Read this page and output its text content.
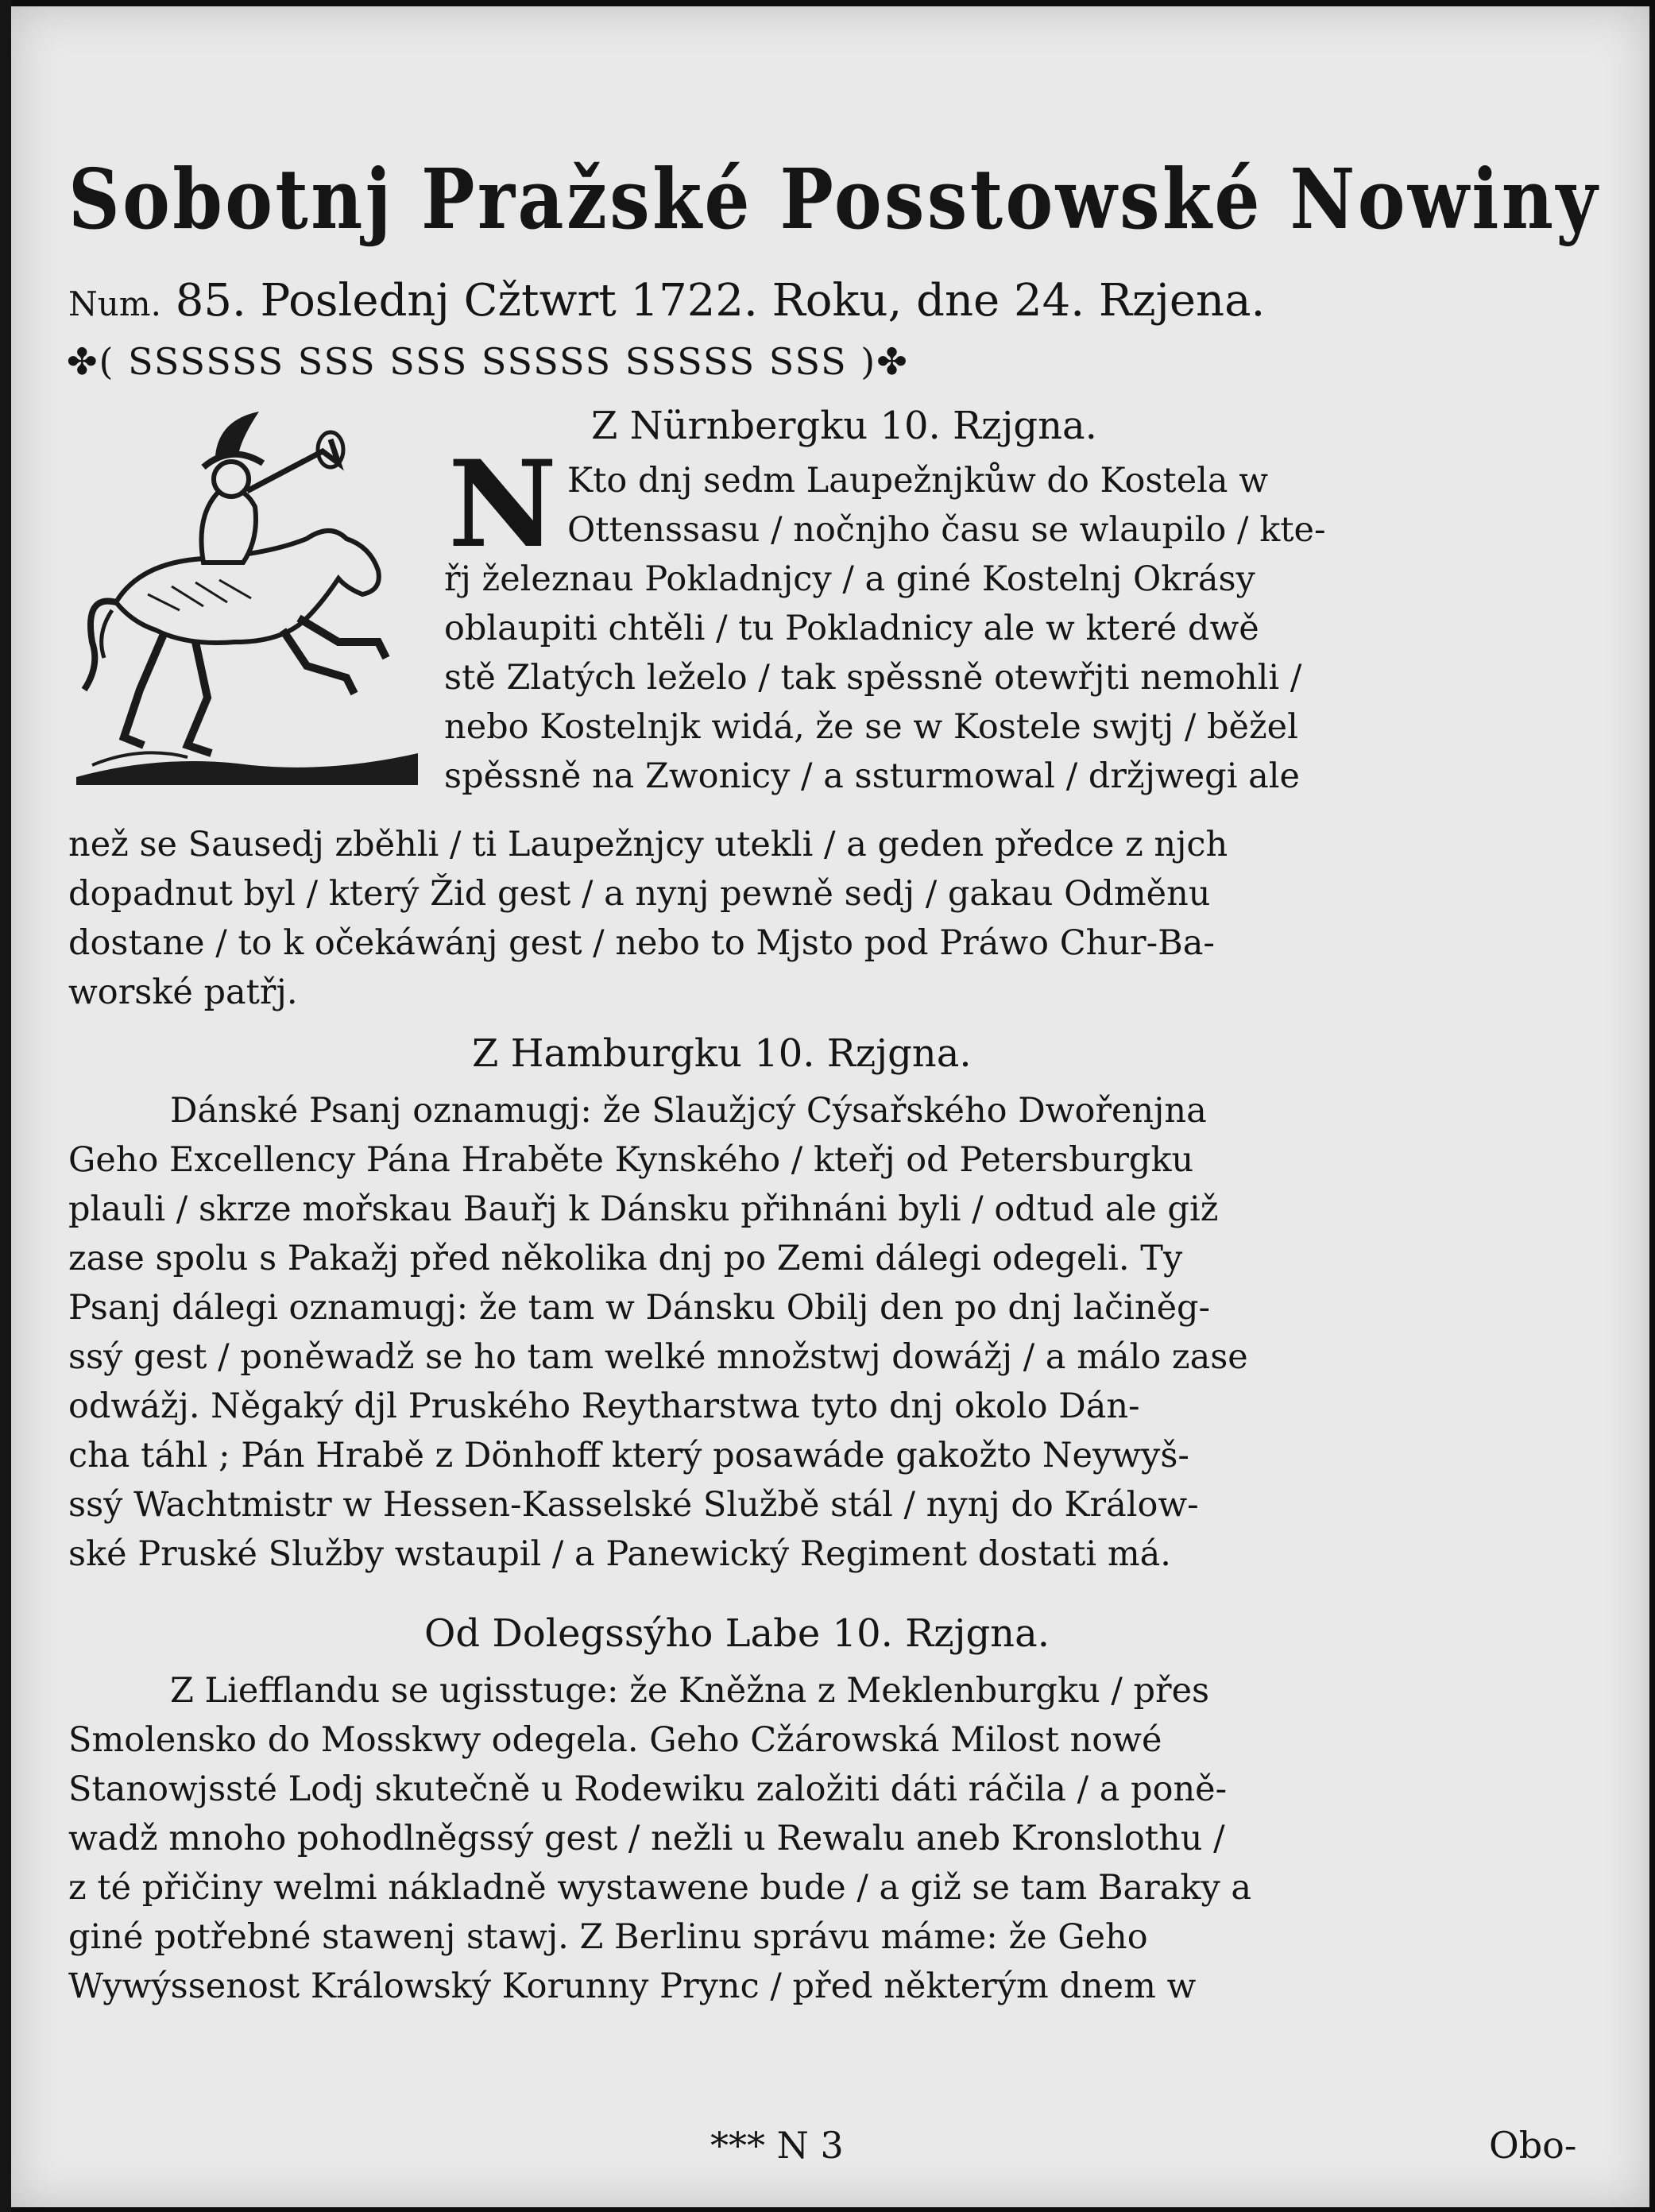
Sobotnj Pražské Posstowské Nowiny
Num. 85. Poslednj Cžtwrt 1722. Roku, dne 24. Rzjena.
✤( SSSSSS SSS SSS SSSSS SSSSS SSS )✤
Z Nürnbergku 10. Rzjgna.
N Kto dnj sedm Laupežnjkůw do Kostela w
Ottenssasu / nočnjho času se wlaupilo / kte-
řj železnau Pokladnjcy / a giné Kostelnj Okrásy
oblaupiti chtěli / tu Pokladnicy ale w které dwě
stě Zlatých leželo / tak spěssně otewřjti nemohli /
nebo Kostelnjk widá, že se w Kostele swjtj / běžel
spěssně na Zwonicy / a ssturmowal / držjwegi ale
než se Sausedj zběhli / ti Laupežnjcy utekli / a geden předce z njch
dopadnut byl / který Žid gest / a nynj pewně sedj / gakau Odměnu
dostane / to k očekáwánj gest / nebo to Mjsto pod Práwo Chur-Ba-
worské patřj.
Z Hamburgku 10. Rzjgna.
Dánské Psanj oznamugj: že Slaužjcý Cýsařského Dwořenjna
Geho Excellency Pána Hraběte Kynského / kteřj od Petersburgku
plauli / skrze mořskau Bauřj k Dánsku přihnáni byli / odtud ale giž
zase spolu s Pakažj před několika dnj po Zemi dálegi odegeli. Ty
Psanj dálegi oznamugj: že tam w Dánsku Obilj den po dnj lačiněg-
ssý gest / poněwadž se ho tam welké množstwj dowážj / a málo zase
odwážj. Něgaký djl Pruského Reytharstwa tyto dnj okolo Dán-
cha táhl ; Pán Hrabě z Dönhoff který posawáde gakožto Neywyš-
ssý Wachtmistr w Hessen-Kasselské Službě stál / nynj do Králow-
ské Pruské Služby wstaupil / a Panewický Regiment dostati má.
Od Dolegssýho Labe 10. Rzjgna.
Z Liefflandu se ugisstuge: že Kněžna z Meklenburgku / přes
Smolensko do Mosskwy odegela. Geho Cžárowská Milost nowé
Stanowjssté Lodj skutečně u Rodewiku založiti dáti ráčila / a poně-
wadž mnoho pohodlněgssý gest / nežli u Rewalu aneb Kronslothu /
z té přičiny welmi nákladně wystawene bude / a giž se tam Baraky a
giné potřebné stawenj stawj. Z Berlinu správu máme: že Geho
Wywýssenost Králowský Korunny Prync / před některým dnem w
*** N 3	Obo-
